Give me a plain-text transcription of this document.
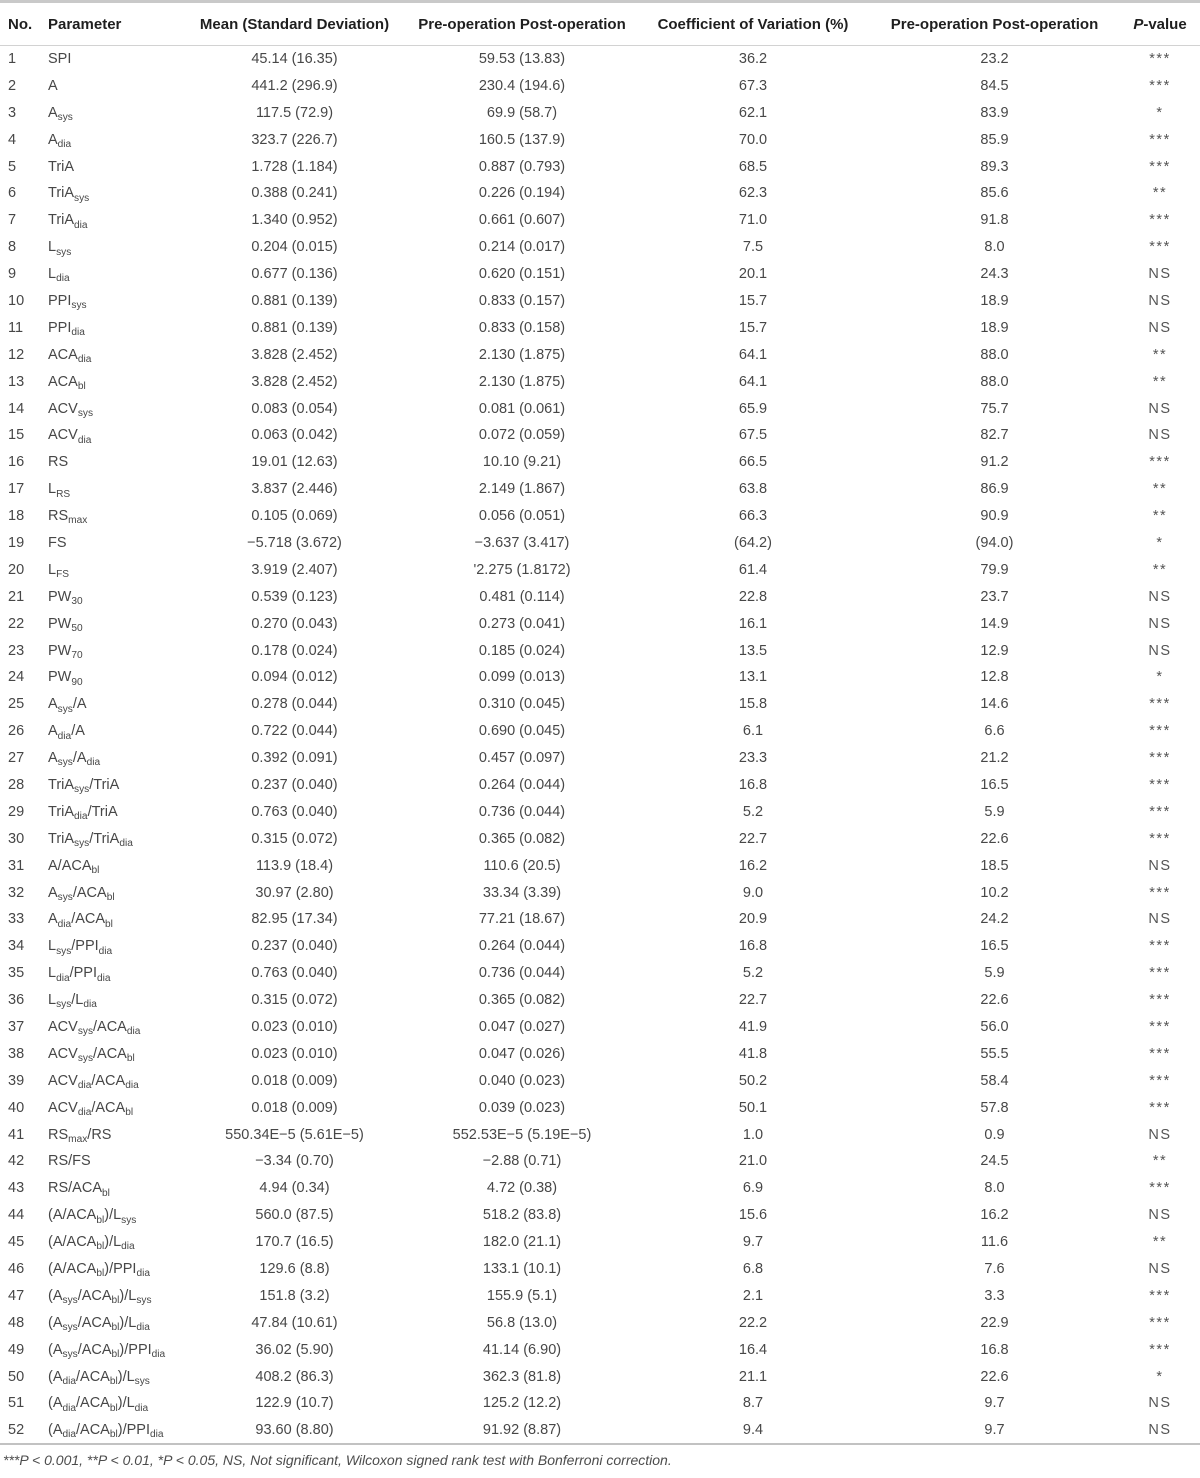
No.	Parameter	Mean (Standard Deviation)	Pre-operation Post-operation	Coefficient of Variation (%)	Pre-operation Post-operation	P-value
1	SPI	45.14 (16.35)	59.53 (13.83)	36.2	23.2	***
2	A	441.2 (296.9)	230.4 (194.6)	67.3	84.5	***
3	$A_{sys}$	117.5 (72.9)	69.9 (58.7)	62.1	83.9	*
4	$A_{dia}$	323.7 (226.7)	160.5 (137.9)	70.0	85.9	***
5	TriA	1.728 (1.184)	0.887 (0.793)	68.5	89.3	***
6	TriA$_{sys}$	0.388 (0.241)	0.226 (0.194)	62.3	85.6	**
7	TriA$_{dia}$	1.340 (0.952)	0.661 (0.607)	71.0	91.8	***
8	$L_{sys}$	0.204 (0.015)	0.214 (0.017)	7.5	8.0	***
9	$L_{dia}$	0.677 (0.136)	0.620 (0.151)	20.1	24.3	NS
10	$PPI_{sys}$	0.881 (0.139)	0.833 (0.157)	15.7	18.9	NS
11	$PPI_{dia}$	0.881 (0.139)	0.833 (0.158)	15.7	18.9	NS
12	$ACA_{dia}$	3.828 (2.452)	2.130 (1.875)	64.1	88.0	**
13	$ACA_{bl}$	3.828 (2.452)	2.130 (1.875)	64.1	88.0	**
14	$ACV_{sys}$	0.083 (0.054)	0.081 (0.061)	65.9	75.7	NS
15	$ACV_{dia}$	0.063 (0.042)	0.072 (0.059)	67.5	82.7	NS
16	RS	19.01 (12.63)	10.10 (9.21)	66.5	91.2	***
17	$L_{RS}$	3.837 (2.446)	2.149 (1.867)	63.8	86.9	**
18	$RS_{max}$	0.105 (0.069)	0.056 (0.051)	66.3	90.9	**
19	FS	−5.718 (3.672)	−3.637 (3.417)	(64.2)	(94.0)	*
20	$L_{FS}$	3.919 (2.407)	'2.275 (1.8172)	61.4	79.9	**
21	$PW_{30}$	0.539 (0.123)	0.481 (0.114)	22.8	23.7	NS
22	$PW_{50}$	0.270 (0.043)	0.273 (0.041)	16.1	14.9	NS
23	$PW_{70}$	0.178 (0.024)	0.185 (0.024)	13.5	12.9	NS
24	$PW_{90}$	0.094 (0.012)	0.099 (0.013)	13.1	12.8	*
25	$A_{sys}/A$	0.278 (0.044)	0.310 (0.045)	15.8	14.6	***
26	$A_{dia}/A$	0.722 (0.044)	0.690 (0.045)	6.1	6.6	***
27	$A_{sys}/A_{dia}$	0.392 (0.091)	0.457 (0.097)	23.3	21.2	***
28	TriA$_{sys}$/TriA	0.237 (0.040)	0.264 (0.044)	16.8	16.5	***
29	TriA$_{dia}$/TriA	0.763 (0.040)	0.736 (0.044)	5.2	5.9	***
30	TriA$_{sys}$/TriA$_{dia}$	0.315 (0.072)	0.365 (0.082)	22.7	22.6	***
31	$A/ACA_{bl}$	113.9 (18.4)	110.6 (20.5)	16.2	18.5	NS
32	$A_{sys}/ACA_{bl}$	30.97 (2.80)	33.34 (3.39)	9.0	10.2	***
33	$A_{dia}/ACA_{bl}$	82.95 (17.34)	77.21 (18.67)	20.9	24.2	NS
34	$L_{sys}/PPI_{dia}$	0.237 (0.040)	0.264 (0.044)	16.8	16.5	***
35	$L_{dia}/PPI_{dia}$	0.763 (0.040)	0.736 (0.044)	5.2	5.9	***
36	$L_{sys}/L_{dia}$	0.315 (0.072)	0.365 (0.082)	22.7	22.6	***
37	$ACV_{sys}/ACA_{dia}$	0.023 (0.010)	0.047 (0.027)	41.9	56.0	***
38	$ACV_{sys}/ACA_{bl}$	0.023 (0.010)	0.047 (0.026)	41.8	55.5	***
39	$ACV_{dia}/ACA_{dia}$	0.018 (0.009)	0.040 (0.023)	50.2	58.4	***
40	$ACV_{dia}/ACA_{bl}$	0.018 (0.009)	0.039 (0.023)	50.1	57.8	***
41	$RS_{max}/RS$	550.34E−5 (5.61E−5)	552.53E−5 (5.19E−5)	1.0	0.9	NS
42	RS/FS	−3.34 (0.70)	−2.88 (0.71)	21.0	24.5	**
43	$RS/ACA_{bl}$	4.94 (0.34)	4.72 (0.38)	6.9	8.0	***
44	$(A/ACA_{bl})/L_{sys}$	560.0 (87.5)	518.2 (83.8)	15.6	16.2	NS
45	$(A/ACA_{bl})/L_{dia}$	170.7 (16.5)	182.0 (21.1)	9.7	11.6	**
46	$(A/ACA_{bl})/PPI_{dia}$	129.6 (8.8)	133.1 (10.1)	6.8	7.6	NS
47	$(A_{sys}/ACA_{bl})/L_{sys}$	151.8 (3.2)	155.9 (5.1)	2.1	3.3	***
48	$(A_{sys}/ACA_{bl})/L_{dia}$	47.84 (10.61)	56.8 (13.0)	22.2	22.9	***
49	$(A_{sys}/ACA_{bl})/PPI_{dia}$	36.02 (5.90)	41.14 (6.90)	16.4	16.8	***
50	$(A_{dia}/ACA_{bl})/L_{sys}$	408.2 (86.3)	362.3 (81.8)	21.1	22.6	*
51	$(A_{dia}/ACA_{bl})/L_{dia}$	122.9 (10.7)	125.2 (12.2)	8.7	9.7	NS
52	$(A_{dia}/ACA_{bl})/PPI_{dia}$	93.60 (8.80)	91.92 (8.87)	9.4	9.7	NS
***P < 0.001, **P < 0.01, *P < 0.05, NS, Not significant, Wilcoxon signed rank test with Bonferroni correction.
